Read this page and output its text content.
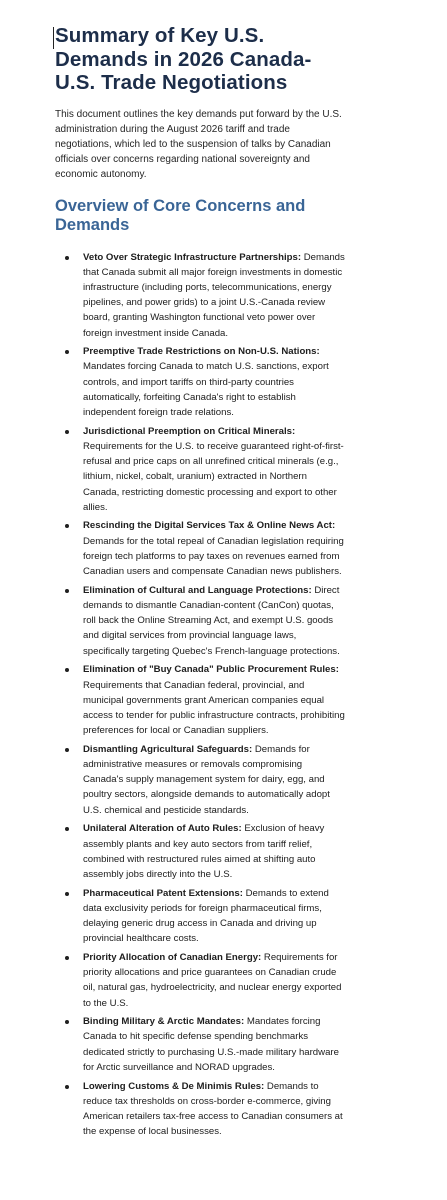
Summary of Key U.S. Demands in 2026 Canada-U.S. Trade Negotiations

This document outlines the key demands put forward by the U.S. administration during the August 2026 tariff and trade negotiations, which led to the suspension of talks by Canadian officials over concerns regarding national sovereignty and economic autonomy.

Overview of Core Concerns and Demands
Veto Over Strategic Infrastructure Partnerships: Demands that Canada submit all major foreign investments in domestic infrastructure (including ports, telecommunications, energy pipelines, and power grids) to a joint U.S.-Canada review board, granting Washington functional veto power over foreign investment inside Canada.
Preemptive Trade Restrictions on Non-U.S. Nations: Mandates forcing Canada to match U.S. sanctions, export controls, and import tariffs on third-party countries automatically, forfeiting Canada's right to establish independent foreign trade relations.
Jurisdictional Preemption on Critical Minerals: Requirements for the U.S. to receive guaranteed right-of-first-refusal and price caps on all unrefined critical minerals (e.g., lithium, nickel, cobalt, uranium) extracted in Northern Canada, restricting domestic processing and export to other allies.
Rescinding the Digital Services Tax & Online News Act: Demands for the total repeal of Canadian legislation requiring foreign tech platforms to pay taxes on revenues earned from Canadian users and compensate Canadian news publishers.
Elimination of Cultural and Language Protections: Direct demands to dismantle Canadian-content (CanCon) quotas, roll back the Online Streaming Act, and exempt U.S. goods and digital services from provincial language laws, specifically targeting Quebec's French-language protections.
Elimination of "Buy Canada" Public Procurement Rules: Requirements that Canadian federal, provincial, and municipal governments grant American companies equal access to tender for public infrastructure contracts, prohibiting preferences for local or Canadian suppliers.
Dismantling Agricultural Safeguards: Demands for administrative measures or removals compromising Canada's supply management system for dairy, egg, and poultry sectors, alongside demands to automatically adopt U.S. chemical and pesticide standards.
Unilateral Alteration of Auto Rules: Exclusion of heavy assembly plants and key auto sectors from tariff relief, combined with restructured rules aimed at shifting auto assembly jobs directly into the U.S.
Pharmaceutical Patent Extensions: Demands to extend data exclusivity periods for foreign pharmaceutical firms, delaying generic drug access in Canada and driving up provincial healthcare costs.
Priority Allocation of Canadian Energy: Requirements for priority allocations and price guarantees on Canadian crude oil, natural gas, hydroelectricity, and nuclear energy exported to the U.S.
Binding Military & Arctic Mandates: Mandates forcing Canada to hit specific defense spending benchmarks dedicated strictly to purchasing U.S.-made military hardware for Arctic surveillance and NORAD upgrades.
Lowering Customs & De Minimis Rules: Demands to reduce tax thresholds on cross-border e-commerce, giving American retailers tax-free access to Canadian consumers at the expense of local businesses.
